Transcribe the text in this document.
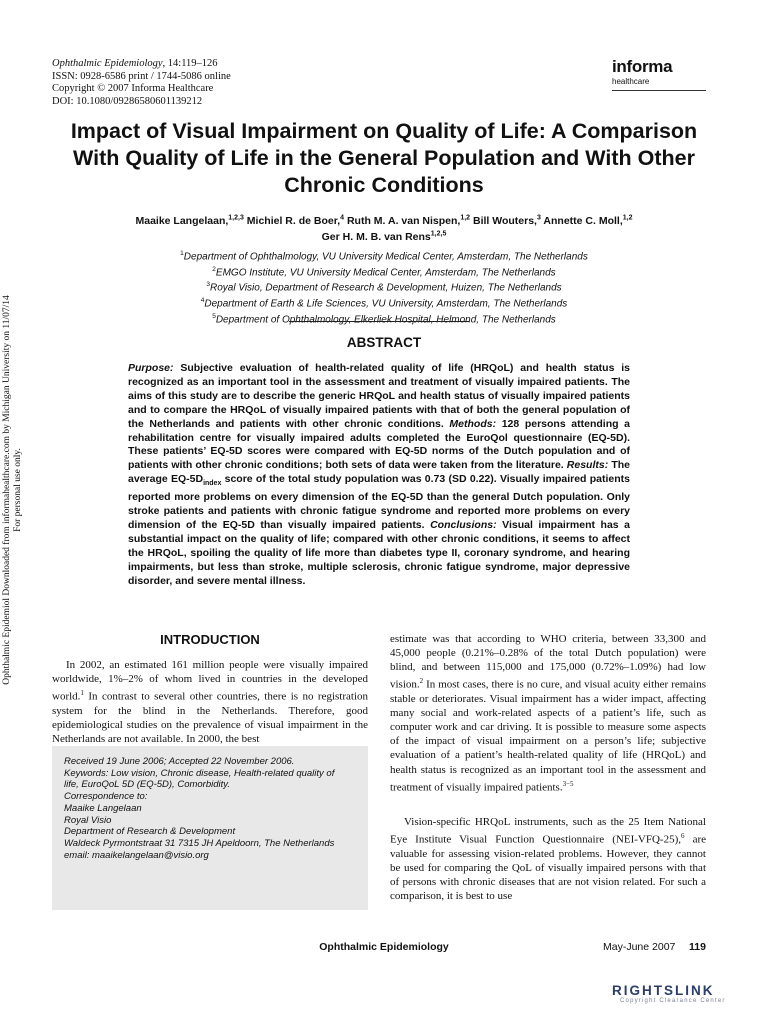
Ophthalmic Epidemiology, 14:119–126
ISSN: 0928-6586 print / 1744-5086 online
Copyright © 2007 Informa Healthcare
DOI: 10.1080/09286580601139212
informa
healthcare
Ophthalmic Epidemiol Downloaded from informahealthcare.com by Michigan University on 11/07/14 For personal use only.
Impact of Visual Impairment on Quality of Life: A Comparison With Quality of Life in the General Population and With Other Chronic Conditions
Maaike Langelaan,$^{1,2,3}$ Michiel R. de Boer,$^4$ Ruth M. A. van Nispen,$^{1,2}$ Bill Wouters,$^3$ Annette C. Moll,$^{1,2}$
Ger H. M. B. van Rens$^{1,2,5}$
$^1$Department of Ophthalmology, VU University Medical Center, Amsterdam, The Netherlands
$^2$EMGO Institute, VU University Medical Center, Amsterdam, The Netherlands
$^3$Royal Visio, Department of Research & Development, Huizen, The Netherlands
$^4$Department of Earth & Life Sciences, VU University, Amsterdam, The Netherlands
$^5$Department of Ophthalmology, Elkerliek Hospital, Helmond, The Netherlands
ABSTRACT

Purpose: Subjective evaluation of health-related quality of life (HRQoL) and health status is recognized as an important tool in the assessment and treatment of visually impaired patients. The aims of this study are to describe the generic HRQoL and health status of visually impaired patients and to compare the HRQoL of visually impaired patients with that of both the general population of the Netherlands and patients with other chronic conditions. Methods: 128 persons attending a rehabilitation centre for visually impaired adults completed the EuroQol questionnaire (EQ-5D). These patients’ EQ-5D scores were compared with EQ-5D norms of the Dutch population and of patients with other chronic conditions; both sets of data were taken from the literature. Results: The average $EQ-5D_{index}$ score of the total study population was 0.73 (SD 0.22). Visually impaired patients reported more problems on every dimension of the EQ-5D than the general Dutch population. Only stroke patients and patients with chronic fatigue syndrome and reported more problems on every dimension of the EQ-5D than visually impaired patients. Conclusions: Visual impairment has a substantial impact on the quality of life; compared with other chronic conditions, it seems to affect the HRQoL, spoiling the quality of life more than diabetes type II, coronary syndrome, and hearing impairments, but less than stroke, multiple sclerosis, chronic fatigue syndrome, major depressive disorder, and severe mental illness.

INTRODUCTION

In 2002, an estimated 161 million people were visually impaired worldwide, 1%–2% of whom lived in countries in the developed world.$^1$ In contrast to several other countries, there is no registration system for the blind in the Netherlands. Therefore, good epidemiological studies on the prevalence of visual impairment in the Netherlands are not available. In 2000, the best

Received 19 June 2006; Accepted 22 November 2006.
Keywords: Low vision, Chronic disease, Health-related quality of
life, EuroQoL 5D (EQ-5D), Comorbidity.
Correspondence to:
Maaike Langelaan
Royal Visio
Department of Research & Development
Waldeck Pyrmontstraat 31 7315 JH Apeldoorn, The Netherlands
email: maaikelangelaan@visio.org

estimate was that according to WHO criteria, between 33,300 and 45,000 people (0.21%–0.28% of the total Dutch population) were blind, and between 115,000 and 175,000 (0.72%–1.09%) had low vision.$^2$ In most cases, there is no cure, and visual acuity either remains stable or deteriorates. Visual impairment has a wider impact, affecting many social and work-related aspects of a patient’s life, such as computer work and car driving. It is possible to measure some aspects of the impact of visual impairment on a person’s life; subjective evaluation of a patient’s health-related quality of life (HRQoL) and health status is recognized as an important tool in the assessment and treatment of visually impaired patients.$^{3-5}$

Vision-specific HRQoL instruments, such as the 25 Item National Eye Institute Visual Function Questionnaire (NEI-VFQ-25),$^6$ are valuable for assessing vision-related problems. However, they cannot be used for comparing the QoL of visually impaired persons with that of persons with chronic diseases that are not vision related. For such a comparison, it is best to use

Ophthalmic Epidemiology	May-June 2007 119
RIGHTSLINK
Copyright Clearance Center
